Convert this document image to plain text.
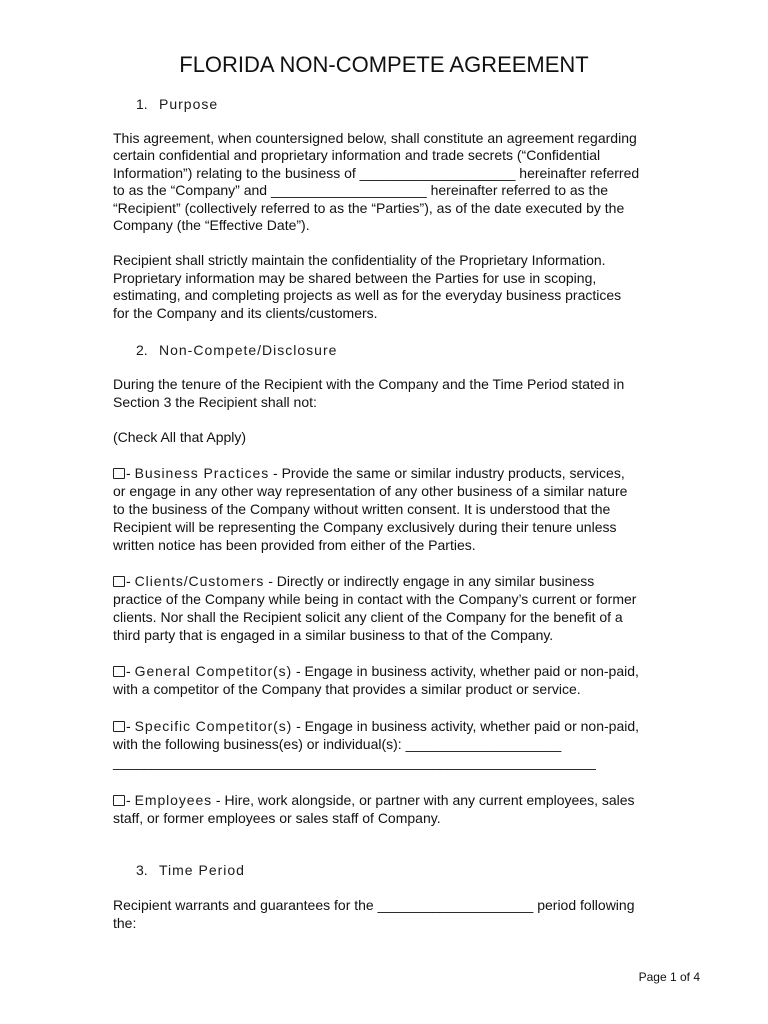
FLORIDA NON-COMPETE AGREEMENT
1. Purpose
This agreement, when countersigned below, shall constitute an agreement regarding
certain confidential and proprietary information and trade secrets (“Confidential
Information”) relating to the business of ____________________ hereinafter referred
to as the “Company” and ____________________ hereinafter referred to as the
“Recipient” (collectively referred to as the “Parties”), as of the date executed by the
Company (the “Effective Date”).
Recipient shall strictly maintain the confidentiality of the Proprietary Information.
Proprietary information may be shared between the Parties for use in scoping,
estimating, and completing projects as well as for the everyday business practices
for the Company and its clients/customers.
2. Non-Compete/Disclosure
During the tenure of the Recipient with the Company and the Time Period stated in
Section 3 the Recipient shall not:
(Check All that Apply)
- Business Practices - Provide the same or similar industry products, services,
or engage in any other way representation of any other business of a similar nature
to the business of the Company without written consent. It is understood that the
Recipient will be representing the Company exclusively during their tenure unless
written notice has been provided from either of the Parties.
- Clients/Customers - Directly or indirectly engage in any similar business
practice of the Company while being in contact with the Company’s current or former
clients. Nor shall the Recipient solicit any client of the Company for the benefit of a
third party that is engaged in a similar business to that of the Company.
- General Competitor(s) - Engage in business activity, whether paid or non-paid,
with a competitor of the Company that provides a similar product or service.
- Specific Competitor(s) - Engage in business activity, whether paid or non-paid,
with the following business(es) or individual(s): ____________________
______________________________________________________________
- Employees - Hire, work alongside, or partner with any current employees, sales
staff, or former employees or sales staff of Company.
3. Time Period
Recipient warrants and guarantees for the ____________________ period following
the:
Page 1 of 4
